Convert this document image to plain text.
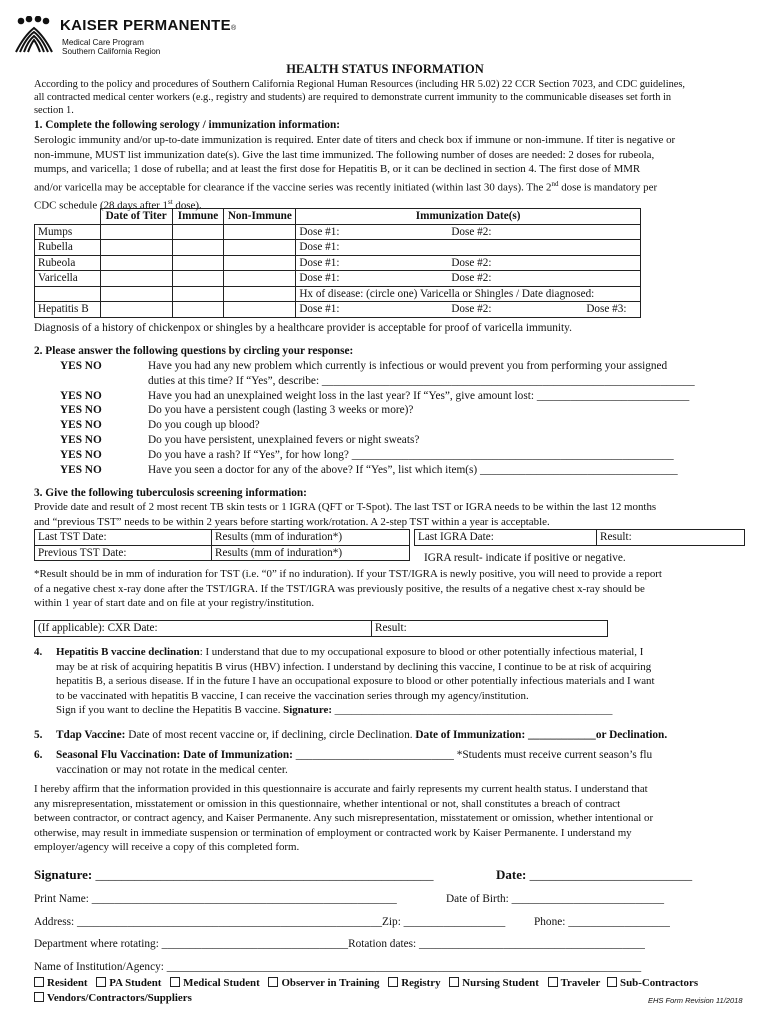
KAISER PERMANENTE®
Medical Care Program
Southern California Region
HEALTH STATUS INFORMATION
According to the policy and procedures of Southern California Regional Human Resources (including HR 5.02) 22 CCR Section 7023, and CDC guidelines,
all contracted medical center workers (e.g., registry and students) are required to demonstrate current immunity to the communicable diseases set forth in
section 1.
1. Complete the following serology / immunization information:
Serologic immunity and/or up-to-date immunization is required. Enter date of titers and check box if immune or non-immune. If titer is negative or
non-immune, MUST list immunization date(s). Give the last time immunized. The following number of doses are needed: 2 doses for rubeola,
mumps, and varicella; 1 dose of rubella; and at least the first dose for Hepatitis B, or it can be declined in section 4. The first dose of MMR
and/or varicella may be acceptable for clearance if the vaccine series was recently initiated (within last 30 days). The 2nd dose is mandatory per
CDC schedule (28 days after 1st dose).
	Date of Titer	Immune	Non-Immune	Immunization Date(s)
Mumps				Dose #1: Dose #2:
Rubella				Dose #1:
Rubeola				Dose #1: Dose #2:
Varicella				Dose #1: Dose #2:
				Hx of disease: (circle one) Varicella or Shingles / Date diagnosed:
Hepatitis B				Dose #1: Dose #2: Dose #3:
Diagnosis of a history of chickenpox or shingles by a healthcare provider is acceptable for proof of varicella immunity.
2. Please answer the following questions by circling your response:
YES NO	Have you had any new problem which currently is infectious or would prevent you from performing your assigned
duties at this time? If “Yes”, describe: __________________________________________________________________
YES NO	Have you had an unexplained weight loss in the last year? If “Yes”, give amount lost: ___________________________
YES NO	Do you have a persistent cough (lasting 3 weeks or more)?
YES NO	Do you cough up blood?
YES NO	Do you have persistent, unexplained fevers or night sweats?
YES NO	Do you have a rash? If “Yes”, for how long? _________________________________________________________
YES NO	Have you seen a doctor for any of the above? If “Yes”, list which item(s) ___________________________________
3. Give the following tuberculosis screening information:
Provide date and result of 2 most recent TB skin tests or 1 IGRA (QFT or T-Spot). The last TST or IGRA needs to be within the last 12 months
and “previous TST” needs to be within 2 years before starting work/rotation. A 2-step TST within a year is acceptable.
Last TST Date:	Results (mm of induration*)
Previous TST Date:	Results (mm of induration*)
Last IGRA Date:	Result:
IGRA result- indicate if positive or negative.
*Result should be in mm of induration for TST (i.e. “0” if no induration). If your TST/IGRA is newly positive, you will need to provide a report
of a negative chest x-ray done after the TST/IGRA. If the TST/IGRA was previously positive, the results of a negative chest x-ray should be
within 1 year of start date and on file at your registry/institution.
(If applicable): CXR Date:	Result:
4. Hepatitis B vaccine declination: I understand that due to my occupational exposure to blood or other potentially infectious material, I
may be at risk of acquiring hepatitis B virus (HBV) infection. I understand by declining this vaccine, I continue to be at risk of acquiring
hepatitis B, a serious disease. If in the future I have an occupational exposure to blood or other potentially infectious materials and I want
to be vaccinated with hepatitis B vaccine, I can receive the vaccination series through my agency/institution.
Sign if you want to decline the Hepatitis B vaccine. Signature: ___________________________________________________
5. Tdap Vaccine: Date of most recent vaccine or, if declining, circle Declination. Date of Immunization: ____________or Declination.
6. Seasonal Flu Vaccination: Date of Immunization: ____________________________ *Students must receive current season’s flu
vaccination or may not rotate in the medical center.
I hereby affirm that the information provided in this questionnaire is accurate and fairly represents my current health status. I understand that
any misrepresentation, misstatement or omission in this questionnaire, whether intentional or not, shall constitutes a breach of contract
between contractor, or contract agency, and Kaiser Permanente. Any such misrepresentation, misstatement or omission, whether intentional or
otherwise, may result in immediate suspension or termination of employment or contracted work by Kaiser Permanente. I understand my
employer/agency will receive a copy of this completed form.
Signature: ____________________________________________________	Date: _________________________
Print Name: ______________________________________________________	Date of Birth: ___________________________
Address: ______________________________________________________Zip: __________________	Phone: __________________
Department where rotating: _________________________________Rotation dates: ________________________________________
Name of Institution/Agency: ____________________________________________________________________________________
Resident PA Student Medical Student Observer in Training Registry Nursing Student Traveler Sub-Contractors
Vendors/Contractors/Suppliers	EHS Form Revision 11/2018
